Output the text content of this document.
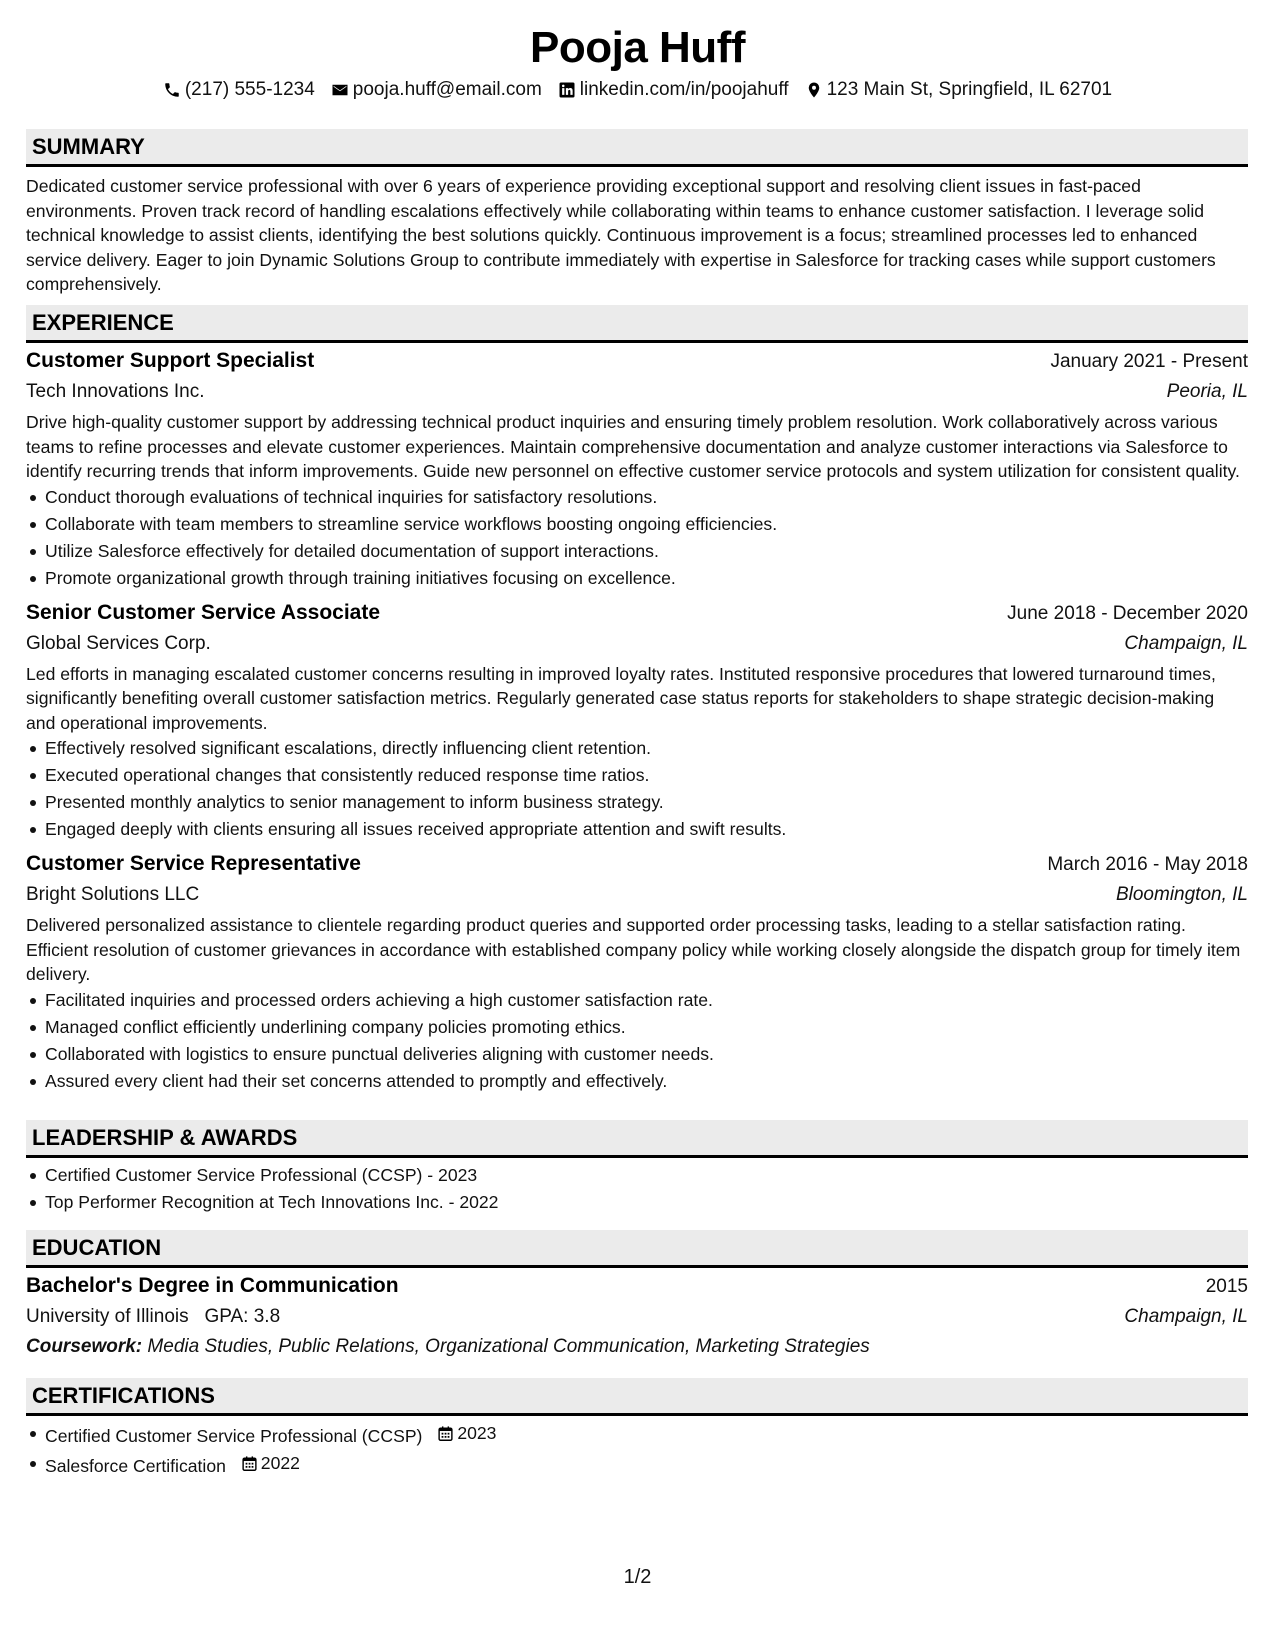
Pooja Huff
(217) 555-1234 pooja.huff@email.com linkedin.com/in/poojahuff 123 Main St, Springfield, IL 62701
SUMMARY

Dedicated customer service professional with over 6 years of experience providing exceptional support and resolving client issues in fast-paced environments. Proven track record of handling escalations effectively while collaborating within teams to enhance customer satisfaction. I leverage solid technical knowledge to assist clients, identifying the best solutions quickly. Continuous improvement is a focus; streamlined processes led to enhanced service delivery. Eager to join Dynamic Solutions Group to contribute immediately with expertise in Salesforce for tracking cases while support customers comprehensively.

EXPERIENCE
Customer Support Specialist	January 2021 - Present
Tech Innovations Inc.	Peoria, IL

Drive high-quality customer support by addressing technical product inquiries and ensuring timely problem resolution. Work collaboratively across various teams to refine processes and elevate customer experiences. Maintain comprehensive documentation and analyze customer interactions via Salesforce to identify recurring trends that inform improvements. Guide new personnel on effective customer service protocols and system utilization for consistent quality.

Conduct thorough evaluations of technical inquiries for satisfactory resolutions.
Collaborate with team members to streamline service workflows boosting ongoing efficiencies.
Utilize Salesforce effectively for detailed documentation of support interactions.
Promote organizational growth through training initiatives focusing on excellence.
Senior Customer Service Associate	June 2018 - December 2020
Global Services Corp.	Champaign, IL

Led efforts in managing escalated customer concerns resulting in improved loyalty rates. Instituted responsive procedures that lowered turnaround times, significantly benefiting overall customer satisfaction metrics. Regularly generated case status reports for stakeholders to shape strategic decision-making and operational improvements.

Effectively resolved significant escalations, directly influencing client retention.
Executed operational changes that consistently reduced response time ratios.
Presented monthly analytics to senior management to inform business strategy.
Engaged deeply with clients ensuring all issues received appropriate attention and swift results.
Customer Service Representative	March 2016 - May 2018
Bright Solutions LLC	Bloomington, IL

Delivered personalized assistance to clientele regarding product queries and supported order processing tasks, leading to a stellar satisfaction rating. Efficient resolution of customer grievances in accordance with established company policy while working closely alongside the dispatch group for timely item delivery.

Facilitated inquiries and processed orders achieving a high customer satisfaction rate.
Managed conflict efficiently underlining company policies promoting ethics.
Collaborated with logistics to ensure punctual deliveries aligning with customer needs.
Assured every client had their set concerns attended to promptly and effectively.
LEADERSHIP & AWARDS
Certified Customer Service Professional (CCSP) - 2023
Top Performer Recognition at Tech Innovations Inc. - 2022
EDUCATION
Bachelor's Degree in Communication	2015
University of Illinois GPA: 3.8	Champaign, IL
Coursework: Media Studies, Public Relations, Organizational Communication, Marketing Strategies
CERTIFICATIONS
Certified Customer Service Professional (CCSP) 2023
Salesforce Certification 2022
1/2
